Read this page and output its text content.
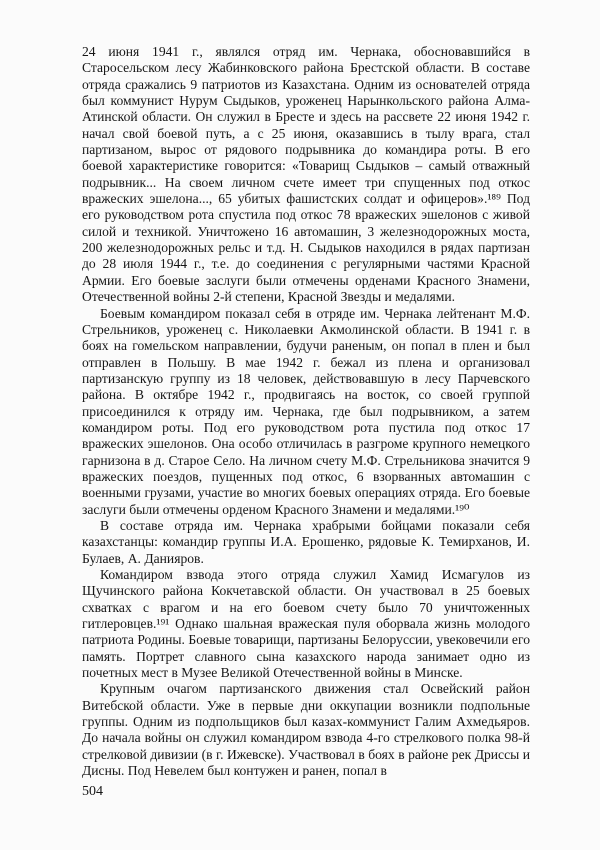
24 июня 1941 г., являлся отряд им. Чернака, обосновавшийся в Старосельском лесу Жабинковского района Брестской области. В составе отряда сражались 9 патриотов из Казахстана. Одним из основателей отряда был коммунист Нурум Сыдыков, уроженец Нарынкольского района Алма-Атинской области. Он служил в Бресте и здесь на рассвете 22 июня 1942 г. начал свой боевой путь, а с 25 июня, оказавшись в тылу врага, стал партизаном, вырос от рядового подрывника до командира роты. В его боевой характеристике говорится: «Товарищ Сыдыков – самый отважный подрывник... На своем личном счете имеет три спущенных под откос вражеских эшелона..., 65 убитых фашистских солдат и офицеров».¹⁸⁹ Под его руководством рота спустила под откос 78 вражеских эшелонов с живой силой и техникой. Уничтожено 16 автомашин, 3 железнодорожных моста, 200 железнодорожных рельс и т.д. Н. Сыдыков находился в рядах партизан до 28 июля 1944 г., т.е. до соединения с регулярными частями Красной Армии. Его боевые заслуги были отмечены орденами Красного Знамени, Отечественной войны 2-й степени, Красной Звезды и медалями.

Боевым командиром показал себя в отряде им. Чернака лейтенант М.Ф. Стрельников, уроженец с. Николаевки Акмолинской области. В 1941 г. в боях на гомельском направлении, будучи раненым, он попал в плен и был отправлен в Польшу. В мае 1942 г. бежал из плена и организовал партизанскую группу из 18 человек, действовавшую в лесу Парчевского района. В октябре 1942 г., продвигаясь на восток, со своей группой присоединился к отряду им. Чернака, где был подрывником, а затем командиром роты. Под его руководством рота пустила под откос 17 вражеских эшелонов. Она особо отличилась в разгроме крупного немецкого гарнизона в д. Старое Село. На личном счету М.Ф. Стрельникова значится 9 вражеских поездов, пущенных под откос, 6 взорванных автомашин с военными грузами, участие во многих боевых операциях отряда. Его боевые заслуги были отмечены орденом Красного Знамени и медалями.¹⁹⁰

В составе отряда им. Чернака храбрыми бойцами показали себя казахстанцы: командир группы И.А. Ерошенко, рядовые К. Темирханов, И. Булаев, А. Данияров.

Командиром взвода этого отряда служил Хамид Исмагулов из Щучинского района Кокчетавской области. Он участвовал в 25 боевых схватках с врагом и на его боевом счету было 70 уничтоженных гитлеровцев.¹⁹¹ Однако шальная вражеская пуля оборвала жизнь молодого патриота Родины. Боевые товарищи, партизаны Белоруссии, увековечили его память. Портрет славного сына казахского народа занимает одно из почетных мест в Музее Великой Отечественной войны в Минске.

Крупным очагом партизанского движения стал Освейский район Витебской области. Уже в первые дни оккупации возникли подпольные группы. Одним из подпольщиков был казах-коммунист Галим Ахмедьяров. До начала войны он служил командиром взвода 4-го стрелкового полка 98-й стрелковой дивизии (в г. Ижевске). Участвовал в боях в районе рек Дриссы и Дисны. Под Невелем был контужен и ранен, попал в

504
